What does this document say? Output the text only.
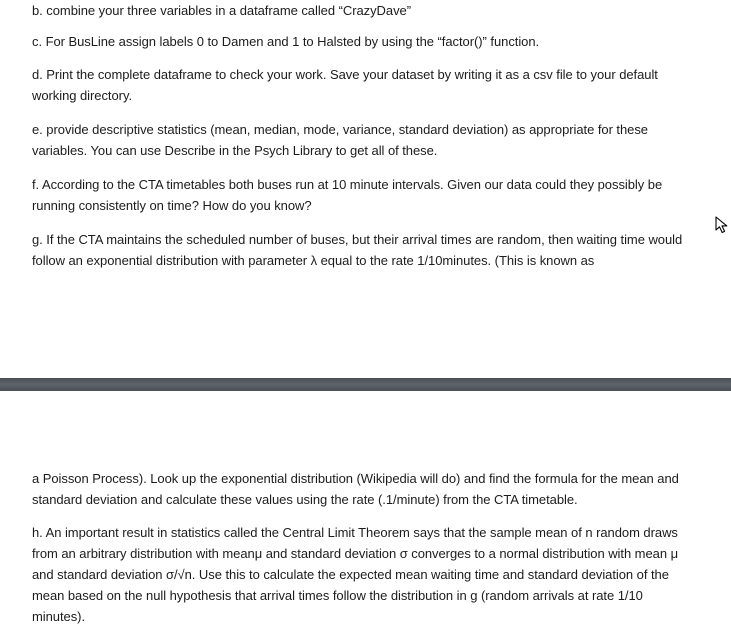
b. combine your three variables in a dataframe called “CrazyDave”

c. For BusLine assign labels 0 to Damen and 1 to Halsted by using the “factor()” function.

d. Print the complete dataframe to check your work. Save your dataset by writing it as a csv file to your default working directory.

e. provide descriptive statistics (mean, median, mode, variance, standard deviation) as appropriate for these variables. You can use Describe in the Psych Library to get all of these.

f. According to the CTA timetables both buses run at 10 minute intervals. Given our data could they possibly be running consistently on time? How do you know?

g. If the CTA maintains the scheduled number of buses, but their arrival times are random, then waiting time would follow an exponential distribution with parameter λ equal to the rate 1/10minutes. (This is known as

a Poisson Process). Look up the exponential distribution (Wikipedia will do) and find the formula for the mean and standard deviation and calculate these values using the rate (.1/minute) from the CTA timetable.

h. An important result in statistics called the Central Limit Theorem says that the sample mean of n random draws from an arbitrary distribution with meanμ and standard deviation σ converges to a normal distribution with mean μ and standard deviation σ/√n. Use this to calculate the expected mean waiting time and standard deviation of the mean based on the null hypothesis that arrival times follow the distribution in g (random arrivals at rate 1/10 minutes).
